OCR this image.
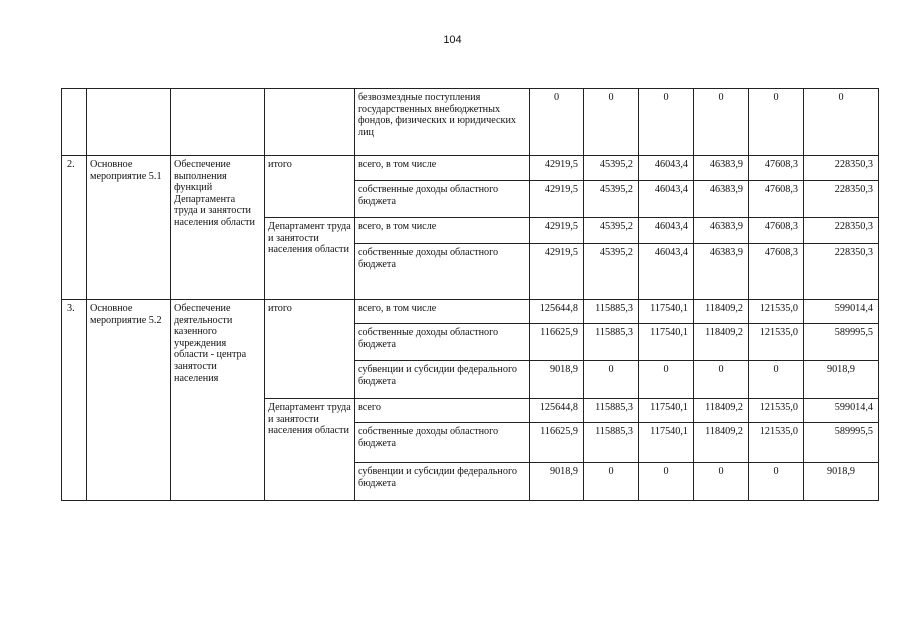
104
				безвозмездные поступления государственных внебюджетных фондов, физических и юридических лиц	0	0	0	0	0	0
2.	Основное мероприятие 5.1	Обеспечение выполнения функций Департамента труда и занятости населения области	итого	всего, в том числе	42919,5	45395,2	46043,4	46383,9	47608,3	228350,3
				собственные доходы областного бюджета	42919,5	45395,2	46043,4	46383,9	47608,3	228350,3
			Департамент труда и занятости населения области	всего, в том числе	42919,5	45395,2	46043,4	46383,9	47608,3	228350,3
				собственные доходы областного бюджета	42919,5	45395,2	46043,4	46383,9	47608,3	228350,3
3.	Основное мероприятие 5.2	Обеспечение деятельности казенного учреждения области - центра занятости населения	итого	всего, в том числе	125644,8	115885,3	117540,1	118409,2	121535,0	599014,4
				собственные доходы областного бюджета	116625,9	115885,3	117540,1	118409,2	121535,0	589995,5
				субвенции и субсидии федерального бюджета	9018,9	0	0	0	0	9018,9
			Департамент труда и занятости населения области	всего	125644,8	115885,3	117540,1	118409,2	121535,0	599014,4
				собственные доходы областного бюджета	116625,9	115885,3	117540,1	118409,2	121535,0	589995,5
				субвенции и субсидии федерального бюджета	9018,9	0	0	0	0	9018,9
